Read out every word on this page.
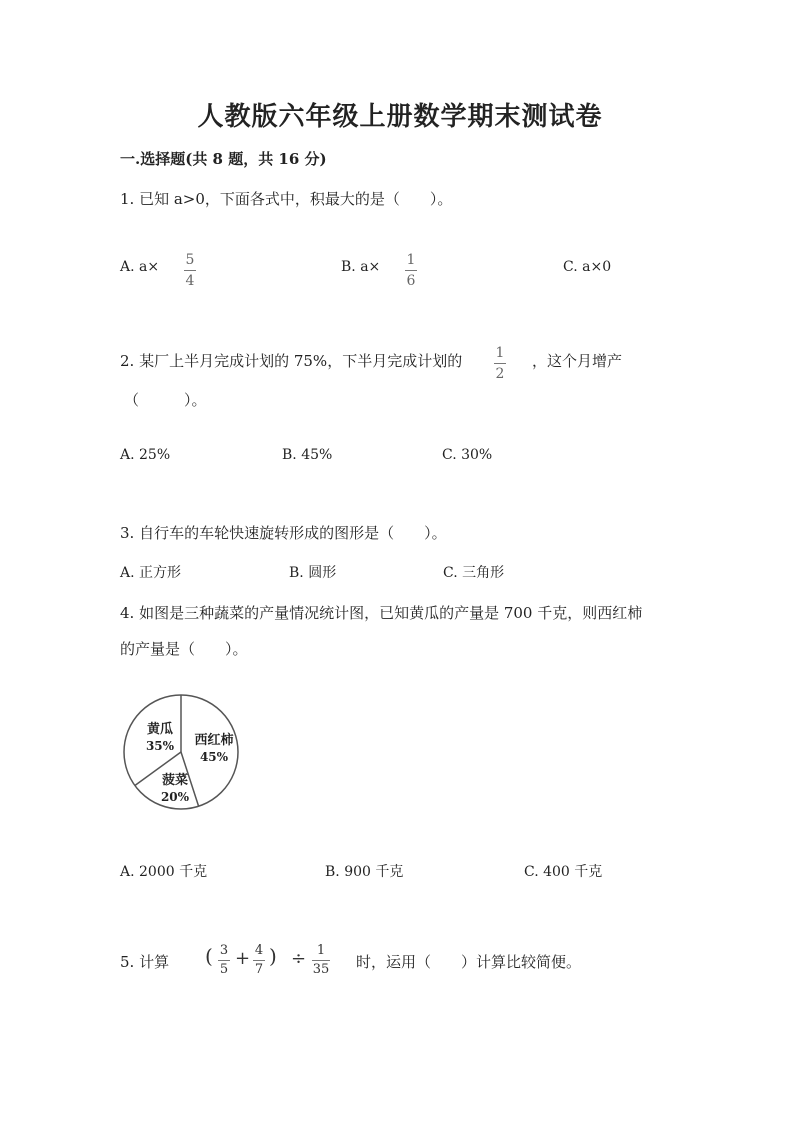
人教版六年级上册数学期末测试卷
一.选择题(共 8 题，共 16 分)
1. 已知 a>0，下面各式中，积最大的是（　　）。
A. a× 5
4
B. a× 1
6
C. a×0
2. 某厂上半月完成计划的 75%，下半月完成计划的 1
2
，这个月增产
（　　　）。
A. 25%	B. 45%	C. 30%
3. 自行车的车轮快速旋转形成的图形是（　　）。
A. 正方形	B. 圆形	C. 三角形
4. 如图是三种蔬菜的产量情况统计图，已知黄瓜的产量是 700 千克，则西红柿
的产量是（　　）。
黄瓜
35% 西红柿
45%
菠菜
20%
A. 2000 千克	B. 900 千克	C. 400 千克
5. 计算 ( 3
5
+ 4
7
) ÷ 1
35 时，运用（　　）计算比较简便。
